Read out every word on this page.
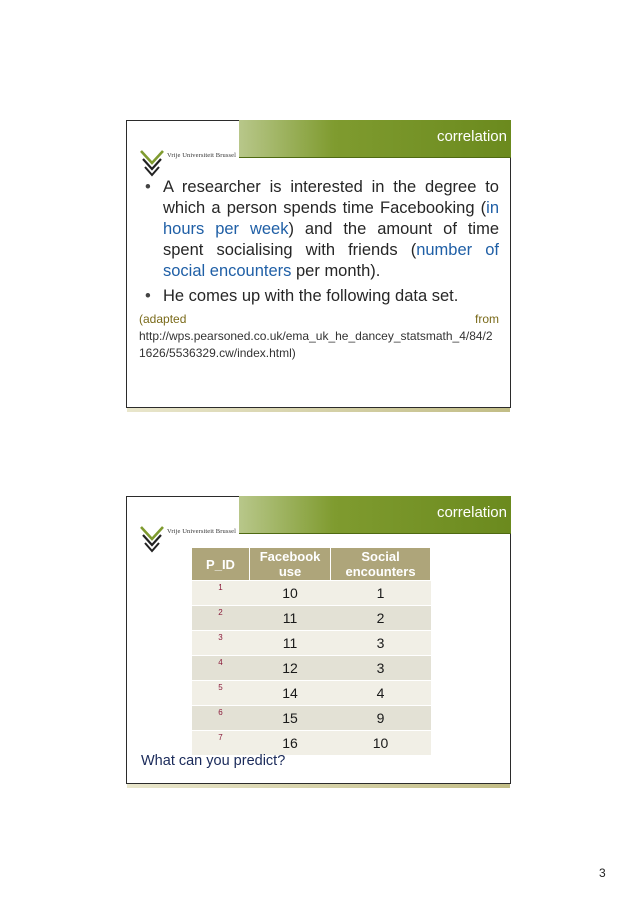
correlation
Vrije Universiteit Brussel
• A researcher is interested in the degree to which a person spends time Facebooking (in hours per week) and the amount of time spent socialising with friends (number of social encounters per month).
• He comes up with the following data set.
(adapted	from
http://wps.pearsoned.co.uk/ema_uk_he_dancey_statsmath_4/84/21626/5536329.cw/index.html)
correlation
Vrije Universiteit Brussel
P_ID	Facebook use	Social encounters
1	10	1
2	11	2
3	11	3
4	12	3
5	14	4
6	15	9
7	16	10
What can you predict?
3
